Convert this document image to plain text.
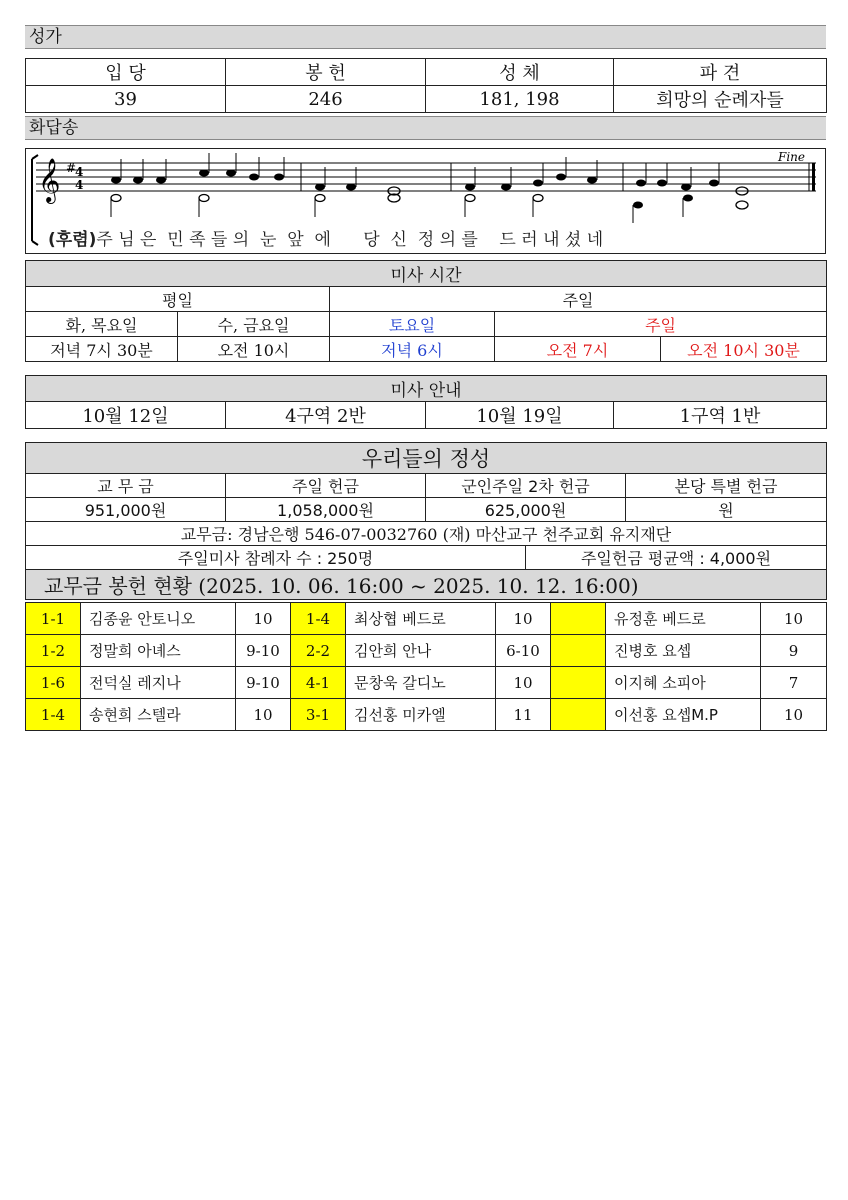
성가
입 당	봉 헌	성 체	파 견
39	246	181, 198	희망의 순례자들
화답송
𝄞 #
4
4
Fine
(후렴)주 님 은  민 족 들 의  눈  앞  에      당  신  정 의 를    드 러 내 셨 네
미사 시간				
평일		주일		
화, 목요일	수, 금요일	토요일	주일	
저녁 7시 30분	오전 10시	저녁 6시	오전 7시	오전 10시 30분
미사 안내
10월 12일	4구역 2반	10월 19일	1구역 1반
우리들의 정성				
교 무 금	주일 헌금	군인주일 2차 헌금		본당 특별 헌금
951,000원	1,058,000원	625,000원		원
교무금: 경남은행 546-07-0032760 (재) 마산교구 천주교회 유지재단				
주일미사 참례자 수 : 250명			주일헌금 평균액 : 4,000원	
교무금 봉헌 현황 (2025. 10. 06. 16:00 ~ 2025. 10. 12. 16:00)				
1-1	김종윤 안토니오	10	1-4	최상협 베드로	10		유정훈 베드로	10
1-2	정말희 아녜스	9-10	2-2	김안희 안나	6-10		진병호 요셉	9
1-6	전덕실 레지나	9-10	4-1	문창욱 갈디노	10		이지혜 소피아	7
1-4	송현희 스텔라	10	3-1	김선홍 미카엘	11		이선홍 요셉M.P	10
